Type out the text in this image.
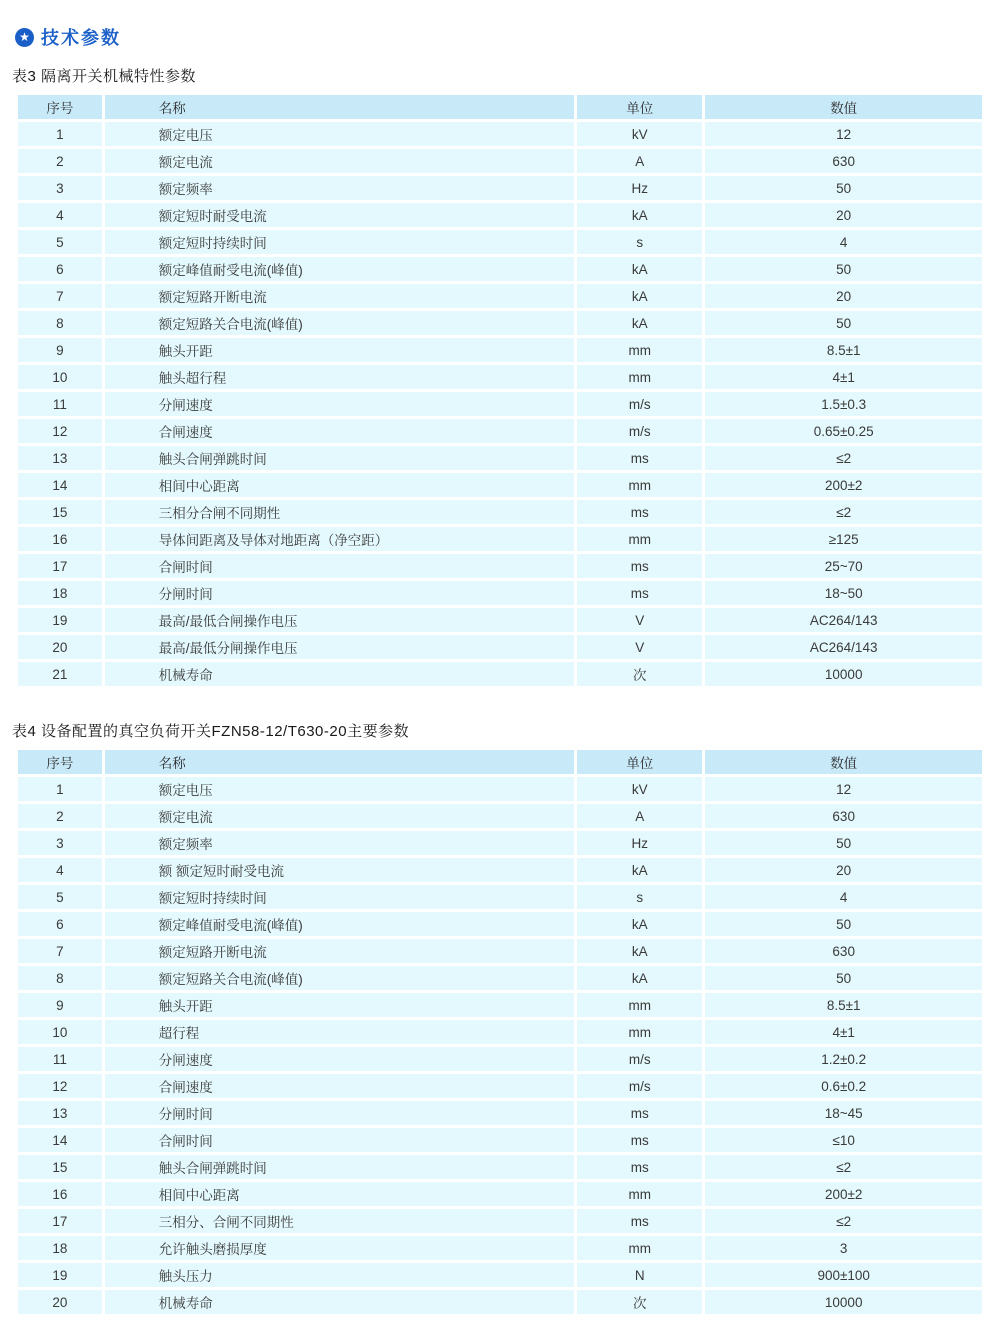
★ 技术参数
表3 隔离开关机械特性参数
序号	名称	单位	数值
1	额定电压	kV	12
2	额定电流	A	630
3	额定频率	Hz	50
4	额定短时耐受电流	kA	20
5	额定短时持续时间	s	4
6	额定峰值耐受电流(峰值)	kA	50
7	额定短路开断电流	kA	20
8	额定短路关合电流(峰值)	kA	50
9	触头开距	mm	8.5±1
10	触头超行程	mm	4±1
11	分闸速度	m/s	1.5±0.3
12	合闸速度	m/s	0.65±0.25
13	触头合闸弹跳时间	ms	≤2
14	相间中心距离	mm	200±2
15	三相分合闸不同期性	ms	≤2
16	导体间距离及导体对地距离（净空距）	mm	≥125
17	合闸时间	ms	25~70
18	分闸时间	ms	18~50
19	最高/最低合闸操作电压	V	AC264/143
20	最高/最低分闸操作电压	V	AC264/143
21	机械寿命	次	10000
表4 设备配置的真空负荷开关FZN58-12/T630-20主要参数
序号	名称	单位	数值
1	额定电压	kV	12
2	额定电流	A	630
3	额定频率	Hz	50
4	额 额定短时耐受电流	kA	20
5	额定短时持续时间	s	4
6	额定峰值耐受电流(峰值)	kA	50
7	额定短路开断电流	kA	630
8	额定短路关合电流(峰值)	kA	50
9	触头开距	mm	8.5±1
10	超行程	mm	4±1
11	分闸速度	m/s	1.2±0.2
12	合闸速度	m/s	0.6±0.2
13	分闸时间	ms	18~45
14	合闸时间	ms	≤10
15	触头合闸弹跳时间	ms	≤2
16	相间中心距离	mm	200±2
17	三相分、合闸不同期性	ms	≤2
18	允许触头磨损厚度	mm	3
19	触头压力	N	900±100
20	机械寿命	次	10000
